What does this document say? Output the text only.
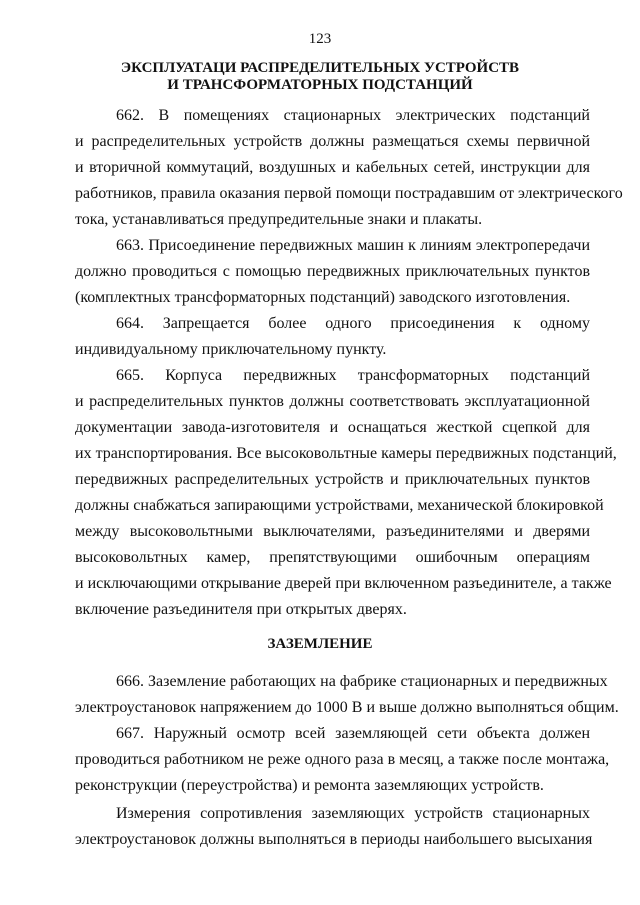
123
ЭКСПЛУАТАЦИ РАСПРЕДЕЛИТЕЛЬНЫХ УСТРОЙСТВ
И ТРАНСФОРМАТОРНЫХ ПОДСТАНЦИЙ
662. В помещениях стационарных электрических подстанций
и распределительных устройств должны размещаться схемы первичной
и вторичной коммутаций, воздушных и кабельных сетей, инструкции для
работников, правила оказания первой помощи пострадавшим от электрического
тока, устанавливаться предупредительные знаки и плакаты.
663. Присоединение передвижных машин к линиям электропередачи
должно проводиться с помощью передвижных приключательных пунктов
(комплектных трансформаторных подстанций) заводского изготовления.
664. Запрещается более одного присоединения к одному
индивидуальному приключательному пункту.
665. Корпуса передвижных трансформаторных подстанций
и распределительных пунктов должны соответствовать эксплуатационной
документации завода-изготовителя и оснащаться жесткой сцепкой для
их транспортирования. Все высоковольтные камеры передвижных подстанций,
передвижных распределительных устройств и приключательных пунктов
должны снабжаться запирающими устройствами, механической блокировкой
между высоковольтными выключателями, разъединителями и дверями
высоковольтных камер, препятствующими ошибочным операциям
и исключающими открывание дверей при включенном разъединителе, а также
включение разъединителя при открытых дверях.
ЗАЗЕМЛЕНИЕ
666. Заземление работающих на фабрике стационарных и передвижных
электроустановок напряжением до 1000 В и выше должно выполняться общим.
667. Наружный осмотр всей заземляющей сети объекта должен
проводиться работником не реже одного раза в месяц, а также после монтажа,
реконструкции (переустройства) и ремонта заземляющих устройств.
Измерения сопротивления заземляющих устройств стационарных
электроустановок должны выполняться в периоды наибольшего высыхания
